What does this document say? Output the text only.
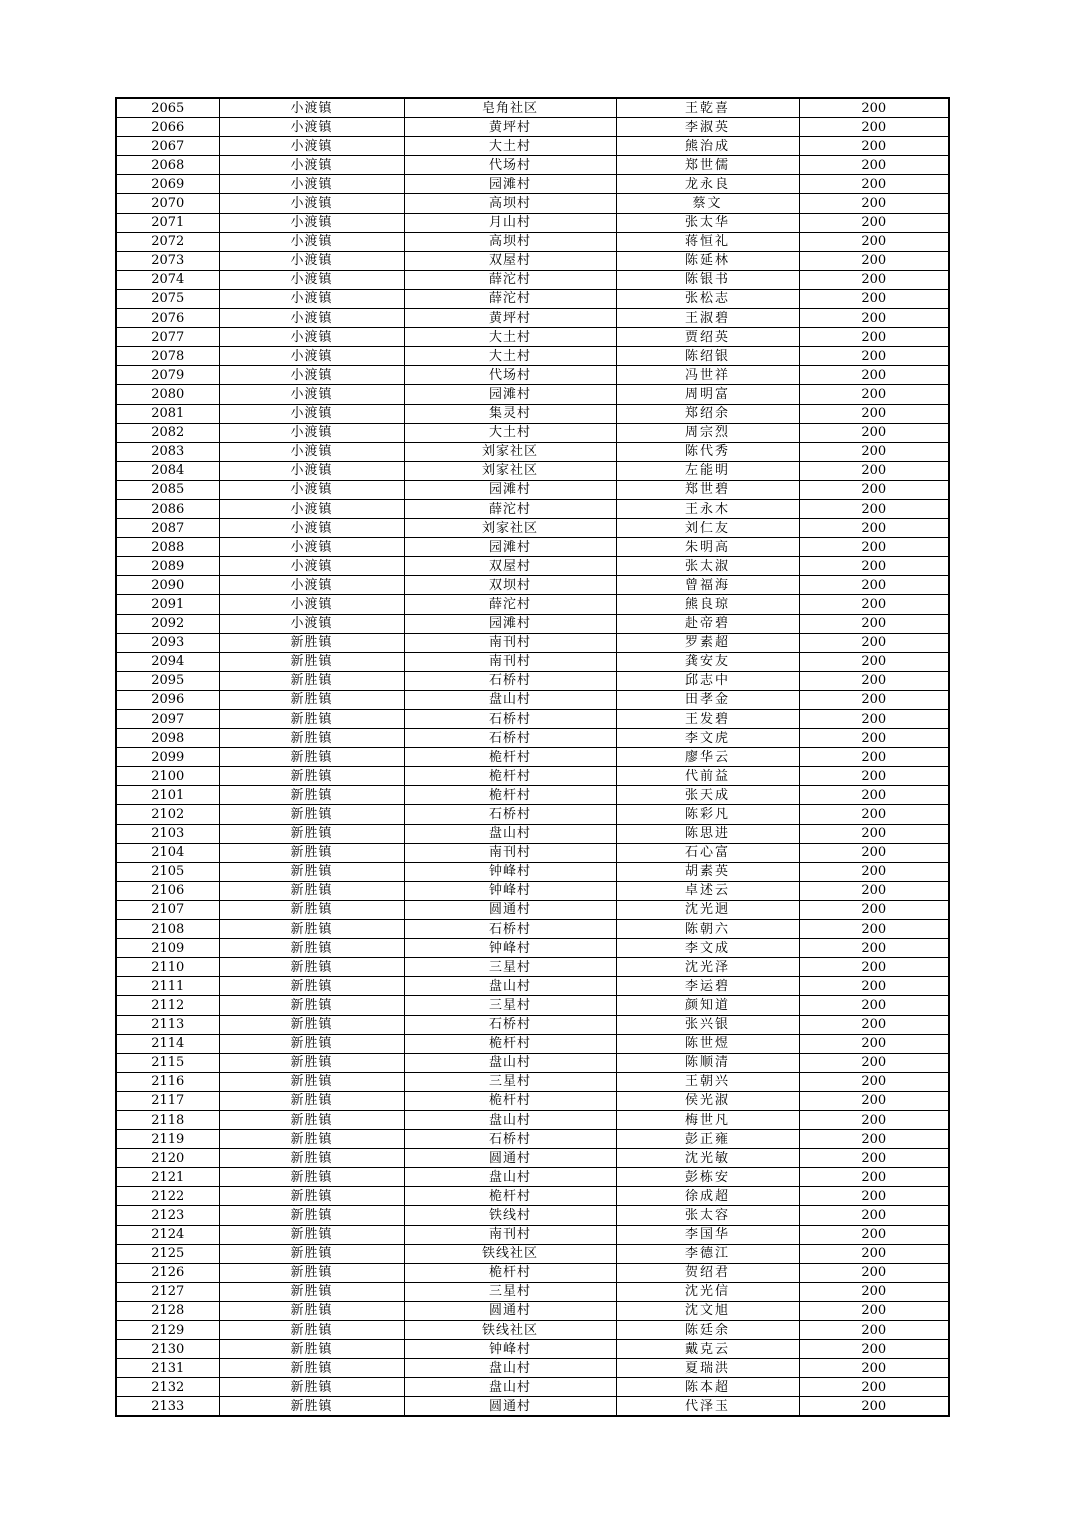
2065	小渡镇	皂角社区	王乾喜	200
2066	小渡镇	黄坪村	李淑英	200
2067	小渡镇	大土村	熊治成	200
2068	小渡镇	代场村	郑世儒	200
2069	小渡镇	园滩村	龙永良	200
2070	小渡镇	高坝村	蔡文	200
2071	小渡镇	月山村	张太华	200
2072	小渡镇	高坝村	蒋恒礼	200
2073	小渡镇	双屋村	陈延林	200
2074	小渡镇	薛沱村	陈银书	200
2075	小渡镇	薛沱村	张松志	200
2076	小渡镇	黄坪村	王淑碧	200
2077	小渡镇	大土村	贾绍英	200
2078	小渡镇	大土村	陈绍银	200
2079	小渡镇	代场村	冯世祥	200
2080	小渡镇	园滩村	周明富	200
2081	小渡镇	集灵村	郑绍余	200
2082	小渡镇	大土村	周宗烈	200
2083	小渡镇	刘家社区	陈代秀	200
2084	小渡镇	刘家社区	左能明	200
2085	小渡镇	园滩村	郑世碧	200
2086	小渡镇	薛沱村	王永木	200
2087	小渡镇	刘家社区	刘仁友	200
2088	小渡镇	园滩村	朱明高	200
2089	小渡镇	双屋村	张太淑	200
2090	小渡镇	双坝村	曾福海	200
2091	小渡镇	薛沱村	熊良琼	200
2092	小渡镇	园滩村	赴帝碧	200
2093	新胜镇	南刊村	罗素超	200
2094	新胜镇	南刊村	龚安友	200
2095	新胜镇	石桥村	邱志中	200
2096	新胜镇	盘山村	田孝金	200
2097	新胜镇	石桥村	王发碧	200
2098	新胜镇	石桥村	李文虎	200
2099	新胜镇	桅杆村	廖华云	200
2100	新胜镇	桅杆村	代前益	200
2101	新胜镇	桅杆村	张天成	200
2102	新胜镇	石桥村	陈彩凡	200
2103	新胜镇	盘山村	陈思进	200
2104	新胜镇	南刊村	石心富	200
2105	新胜镇	钟峰村	胡素英	200
2106	新胜镇	钟峰村	卓述云	200
2107	新胜镇	圆通村	沈光迥	200
2108	新胜镇	石桥村	陈朝六	200
2109	新胜镇	钟峰村	李文成	200
2110	新胜镇	三星村	沈光泽	200
2111	新胜镇	盘山村	李运碧	200
2112	新胜镇	三星村	颜知道	200
2113	新胜镇	石桥村	张兴银	200
2114	新胜镇	桅杆村	陈世煜	200
2115	新胜镇	盘山村	陈顺清	200
2116	新胜镇	三星村	王朝兴	200
2117	新胜镇	桅杆村	侯光淑	200
2118	新胜镇	盘山村	梅世凡	200
2119	新胜镇	石桥村	彭正雍	200
2120	新胜镇	圆通村	沈光敏	200
2121	新胜镇	盘山村	彭栋安	200
2122	新胜镇	桅杆村	徐成超	200
2123	新胜镇	铁线村	张太容	200
2124	新胜镇	南刊村	李国华	200
2125	新胜镇	铁线社区	李德江	200
2126	新胜镇	桅杆村	贺绍君	200
2127	新胜镇	三星村	沈光信	200
2128	新胜镇	圆通村	沈文旭	200
2129	新胜镇	铁线社区	陈廷余	200
2130	新胜镇	钟峰村	戴克云	200
2131	新胜镇	盘山村	夏瑞洪	200
2132	新胜镇	盘山村	陈本超	200
2133	新胜镇	圆通村	代泽玉	200
